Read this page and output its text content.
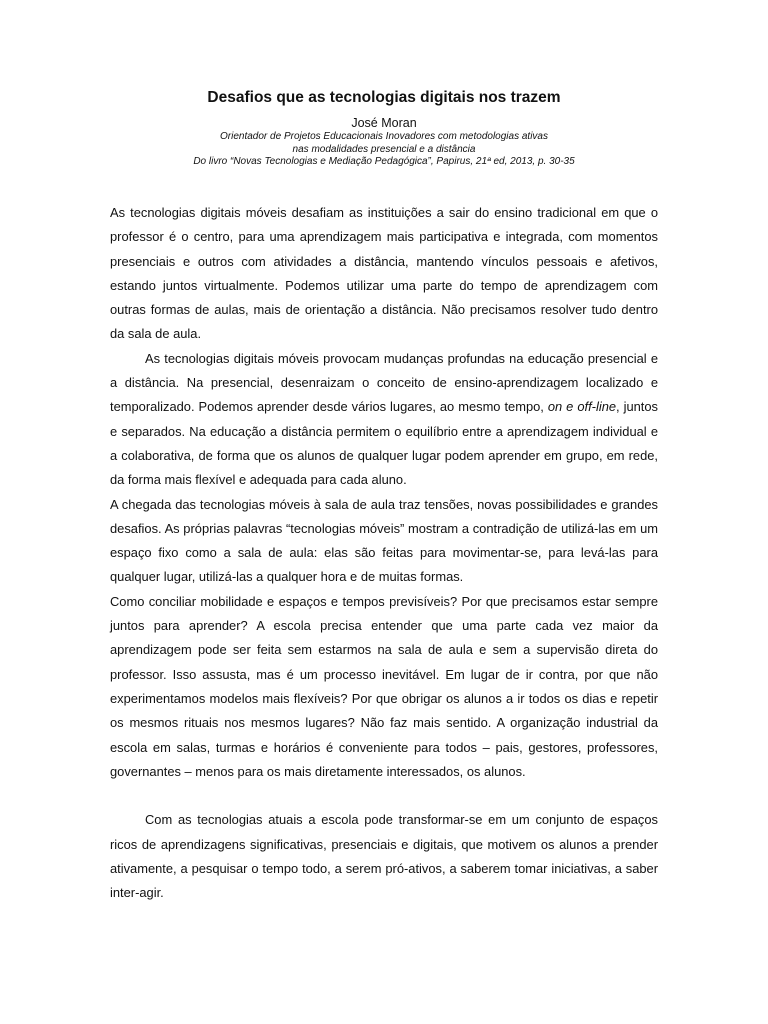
Desafios que as tecnologias digitais nos trazem
José Moran
Orientador de Projetos Educacionais Inovadores com metodologias ativas
nas modalidades presencial e a distância
Do livro “Novas Tecnologias e Mediação Pedagógica”, Papirus, 21ª ed, 2013, p. 30-35

As tecnologias digitais móveis desafiam as instituições a sair do ensino tradicional em que o professor é o centro, para uma aprendizagem mais participativa e integrada, com momentos presenciais e outros com atividades a distância, mantendo vínculos pessoais e afetivos, estando juntos virtualmente. Podemos utilizar uma parte do tempo de aprendizagem com outras formas de aulas, mais de orientação a distância. Não precisamos resolver tudo dentro da sala de aula.

As tecnologias digitais móveis provocam mudanças profundas na educação presencial e a distância. Na presencial, desenraizam o conceito de ensino-aprendizagem localizado e temporalizado. Podemos aprender desde vários lugares, ao mesmo tempo, on e off-line, juntos e separados. Na educação a distância permitem o equilíbrio entre a aprendizagem individual e a colaborativa, de forma que os alunos de qualquer lugar podem aprender em grupo, em rede, da forma mais flexível e adequada para cada aluno.

A chegada das tecnologias móveis à sala de aula traz tensões, novas possibilidades e grandes desafios. As próprias palavras “tecnologias móveis” mostram a contradição de utilizá-las em um espaço fixo como a sala de aula: elas são feitas para movimentar-se, para levá-las para qualquer lugar, utilizá-las a qualquer hora e de muitas formas.

Como conciliar mobilidade e espaços e tempos previsíveis? Por que precisamos estar sempre juntos para aprender? A escola precisa entender que uma parte cada vez maior da aprendizagem pode ser feita sem estarmos na sala de aula e sem a supervisão direta do professor. Isso assusta, mas é um processo inevitável. Em lugar de ir contra, por que não experimentamos modelos mais flexíveis? Por que obrigar os alunos a ir todos os dias e repetir os mesmos rituais nos mesmos lugares? Não faz mais sentido. A organização industrial da escola em salas, turmas e horários é conveniente para todos – pais, gestores, professores, governantes – menos para os mais diretamente interessados, os alunos.

Com as tecnologias atuais a escola pode transformar-se em um conjunto de espaços ricos de aprendizagens significativas, presenciais e digitais, que motivem os alunos a prender ativamente, a pesquisar o tempo todo, a serem pró-ativos, a saberem tomar iniciativas, a saber inter-agir.
